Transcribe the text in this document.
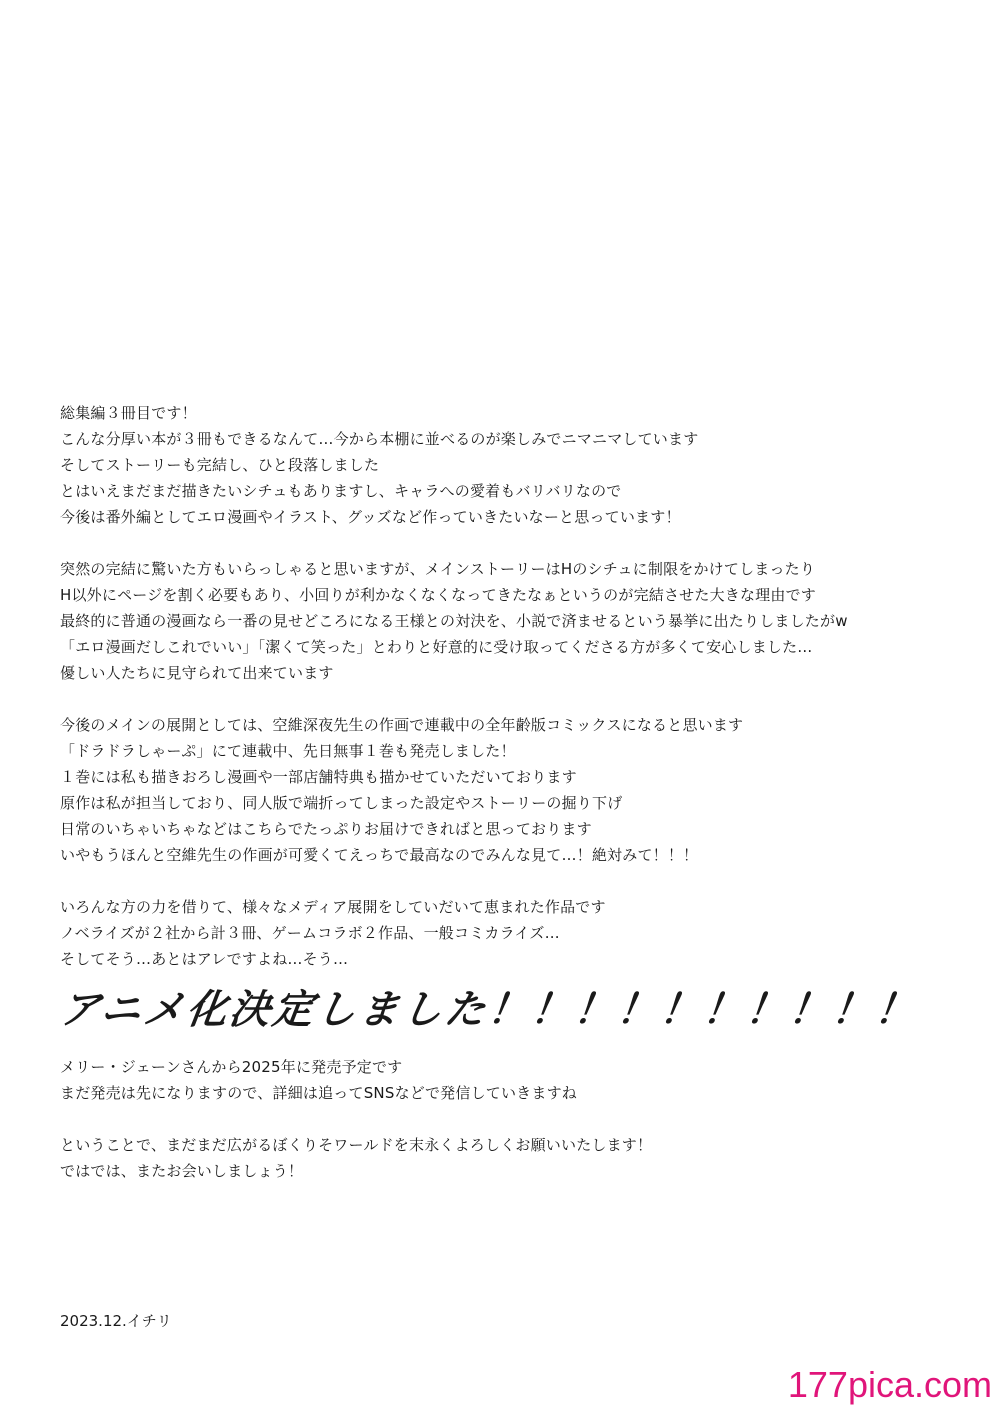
総集編３冊目です！
こんな分厚い本が３冊もできるなんて…今から本棚に並べるのが楽しみでニマニマしています
そしてストーリーも完結し、ひと段落しました
とはいえまだまだ描きたいシチュもありますし、キャラへの愛着もバリバリなので
今後は番外編としてエロ漫画やイラスト、グッズなど作っていきたいなーと思っています！
突然の完結に驚いた方もいらっしゃると思いますが、メインストーリーはHのシチュに制限をかけてしまったり
H以外にページを割く必要もあり、小回りが利かなくなくなってきたなぁというのが完結させた大きな理由です
最終的に普通の漫画なら一番の見せどころになる王様との対決を、小説で済ませるという暴挙に出たりしましたがw
「エロ漫画だしこれでいい」「潔くて笑った」とわりと好意的に受け取ってくださる方が多くて安心しました…
優しい人たちに見守られて出来ています
今後のメインの展開としては、空維深夜先生の作画で連載中の全年齢版コミックスになると思います
「ドラドラしゃーぷ」にて連載中、先日無事１巻も発売しました！
１巻には私も描きおろし漫画や一部店舗特典も描かせていただいております
原作は私が担当しており、同人版で端折ってしまった設定やストーリーの掘り下げ
日常のいちゃいちゃなどはこちらでたっぷりお届けできればと思っております
いやもうほんと空維先生の作画が可愛くてえっちで最高なのでみんな見て…！絶対みて！！！
いろんな方の力を借りて、様々なメディア展開をしていだいて恵まれた作品です
ノベライズが２社から計３冊、ゲームコラボ２作品、一般コミカライズ…
そしてそう…あとはアレですよね…そう…
アニメ化決定しました！！！！！！！！！！
メリー・ジェーンさんから2025年に発売予定です
まだ発売は先になりますので、詳細は追ってSNSなどで発信していきますね
ということで、まだまだ広がるぼくりそワールドを末永くよろしくお願いいたします！
ではでは、またお会いしましょう！
2023.12.イチリ
177pica.com
